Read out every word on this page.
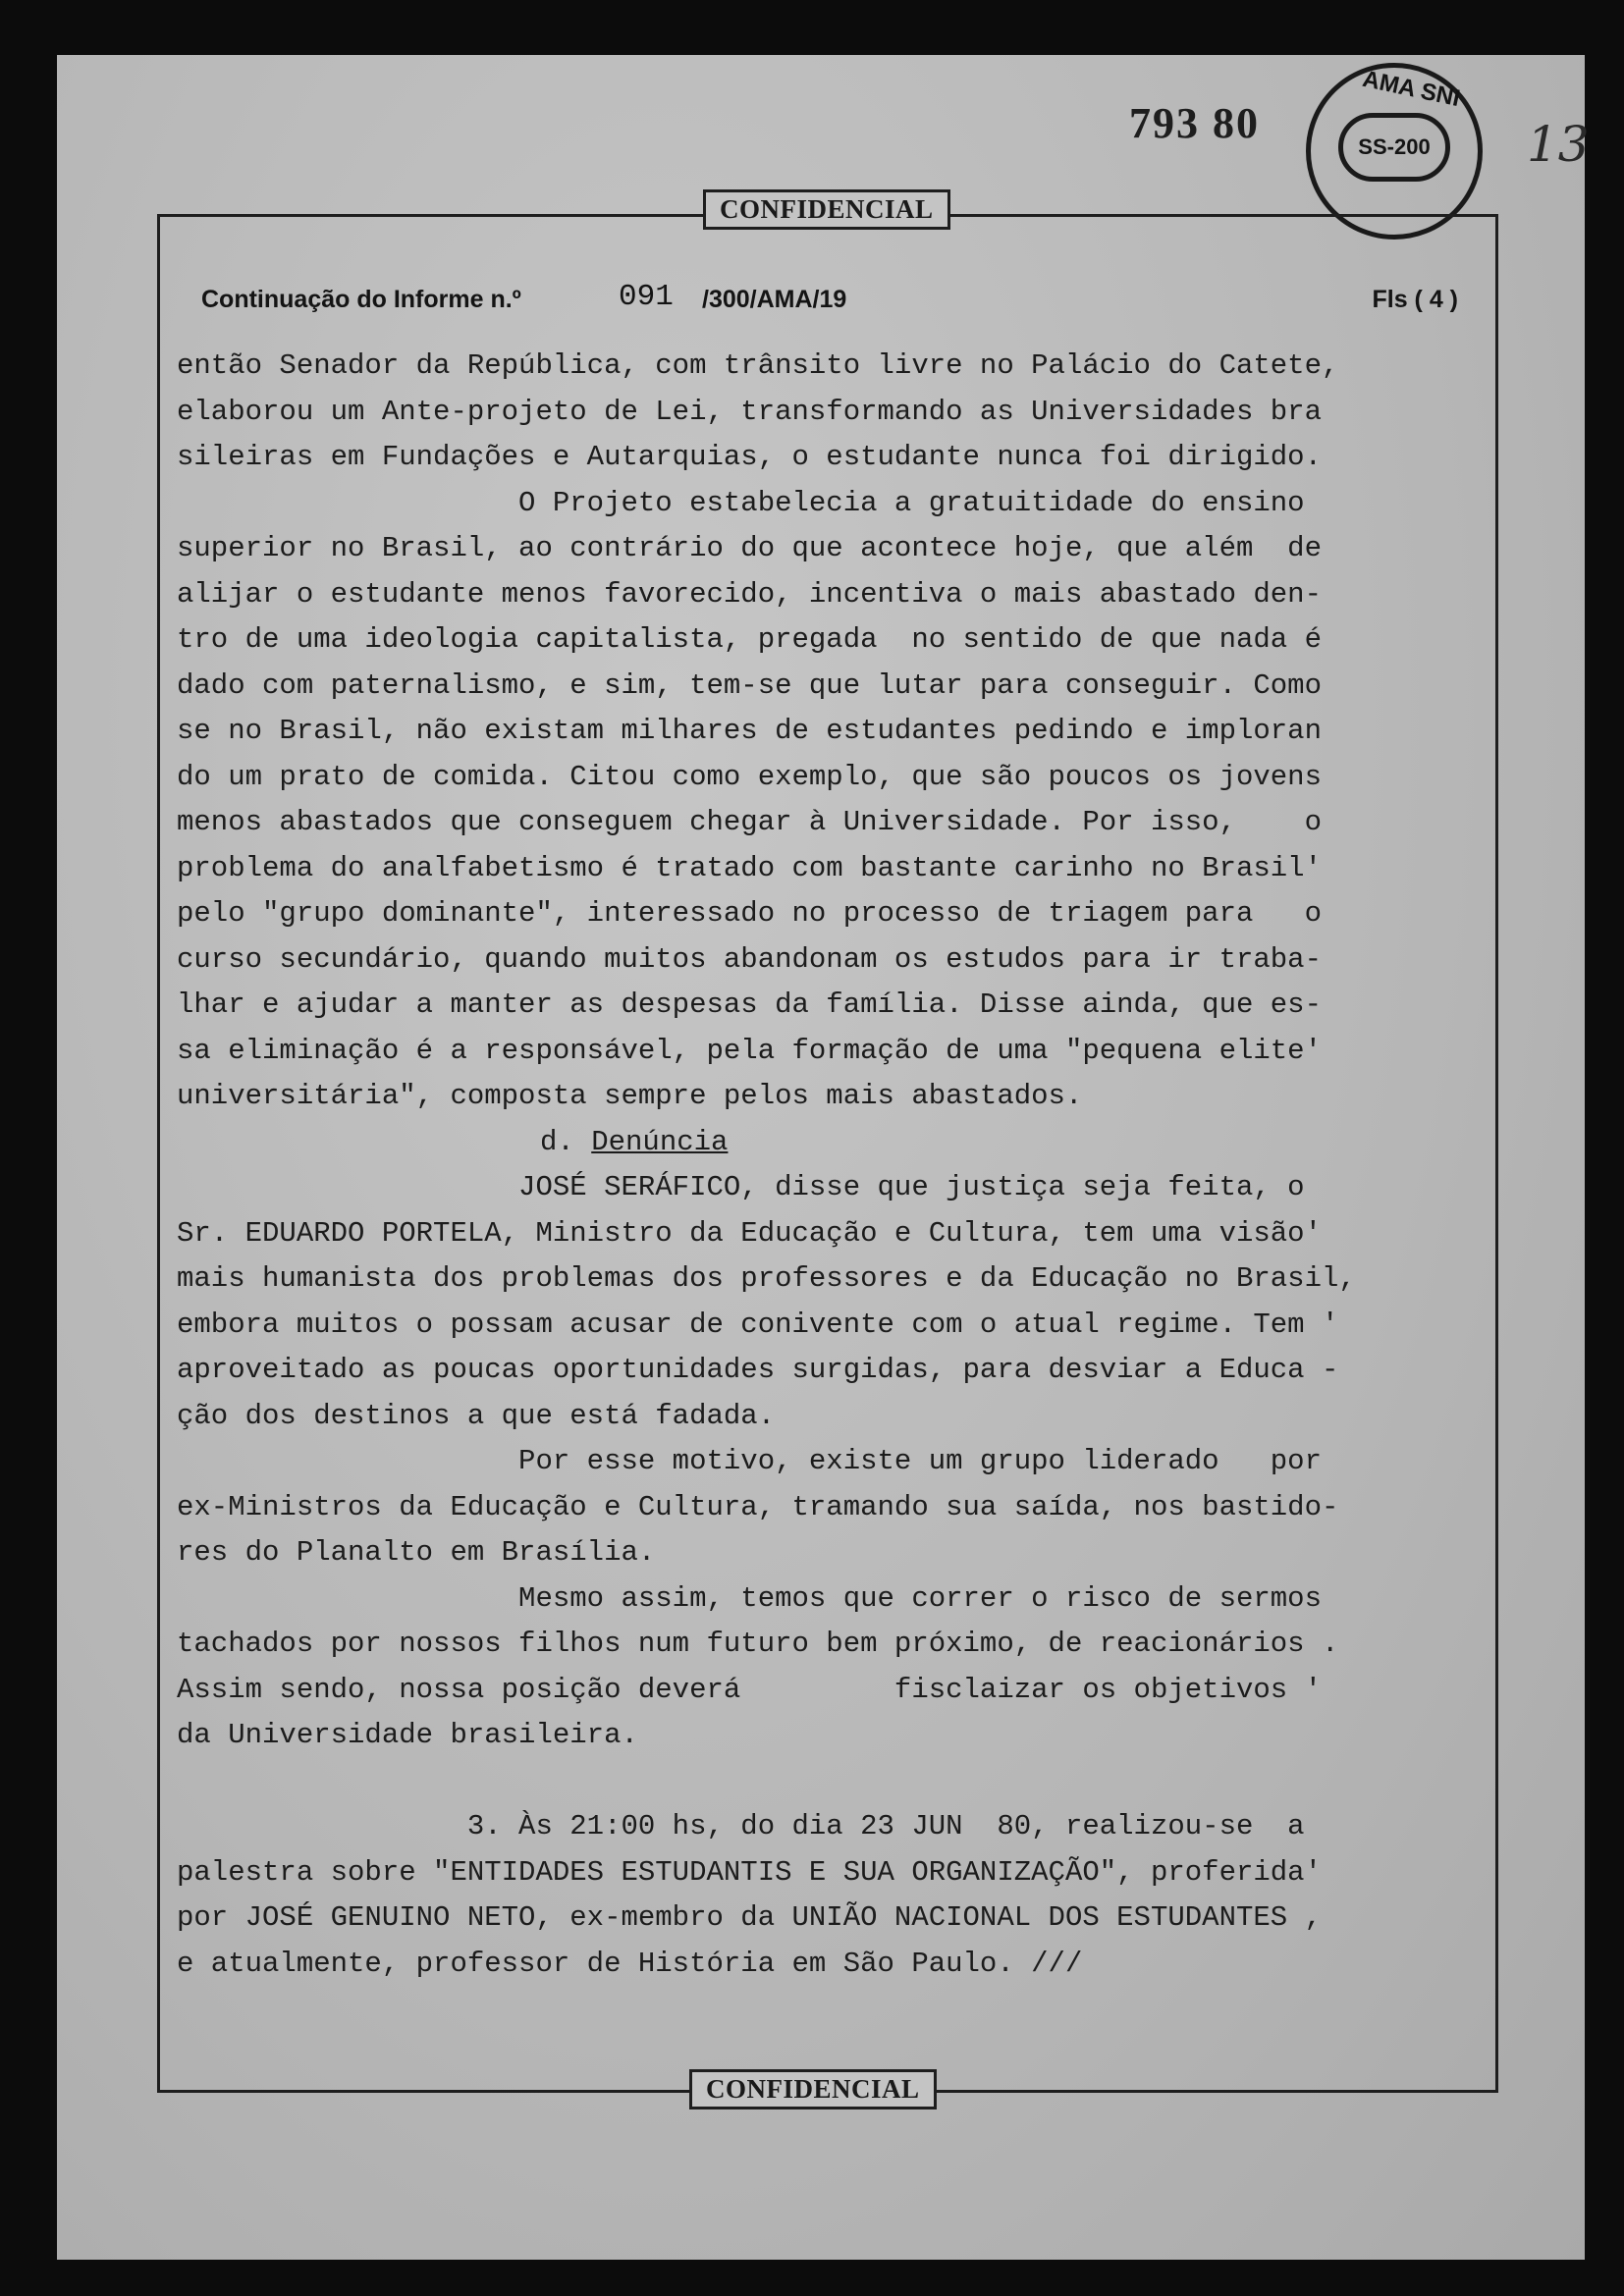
793 80
AMA SNI
SS-200 13
CONFIDENCIAL
CONFIDENCIAL
Continuação do Informe n.º	091 /300/AMA/19	Fls ( 4 )
então Senador da República, com trânsito livre no Palácio do Catete,
elaborou um Ante-projeto de Lei, transformando as Universidades bra
sileiras em Fundações e Autarquias, o estudante nunca foi dirigido.
O Projeto estabelecia a gratuitidade do ensino
superior no Brasil, ao contrário do que acontece hoje, que além  de
alijar o estudante menos favorecido, incentiva o mais abastado den-
tro de uma ideologia capitalista, pregada  no sentido de que nada é
dado com paternalismo, e sim, tem-se que lutar para conseguir. Como
se no Brasil, não existam milhares de estudantes pedindo e imploran
do um prato de comida. Citou como exemplo, que são poucos os jovens
menos abastados que conseguem chegar à Universidade. Por isso,    o
problema do analfabetismo é tratado com bastante carinho no Brasil'
pelo "grupo dominante", interessado no processo de triagem para   o
curso secundário, quando muitos abandonam os estudos para ir traba-
lhar e ajudar a manter as despesas da família. Disse ainda, que es-
sa eliminação é a responsável, pela formação de uma "pequena elite'
universitária", composta sempre pelos mais abastados.
d. Denúncia
JOSÉ SERÁFICO, disse que justiça seja feita, o
Sr. EDUARDO PORTELA, Ministro da Educação e Cultura, tem uma visão'
mais humanista dos problemas dos professores e da Educação no Brasil,
embora muitos o possam acusar de conivente com o atual regime. Tem '
aproveitado as poucas oportunidades surgidas, para desviar a Educa -
ção dos destinos a que está fadada.
Por esse motivo, existe um grupo liderado   por
ex-Ministros da Educação e Cultura, tramando sua saída, nos bastido-
res do Planalto em Brasília.
Mesmo assim, temos que correr o risco de sermos
tachados por nossos filhos num futuro bem próximo, de reacionários .
Assim sendo, nossa posição deverá         fisclaizar os objetivos '
da Universidade brasileira.
3. Às 21:00 hs, do dia 23 JUN  80, realizou-se  a
palestra sobre "ENTIDADES ESTUDANTIS E SUA ORGANIZAÇÃO", proferida'
por JOSÉ GENUINO NETO, ex-membro da UNIÃO NACIONAL DOS ESTUDANTES ,
e atualmente, professor de História em São Paulo. ///
